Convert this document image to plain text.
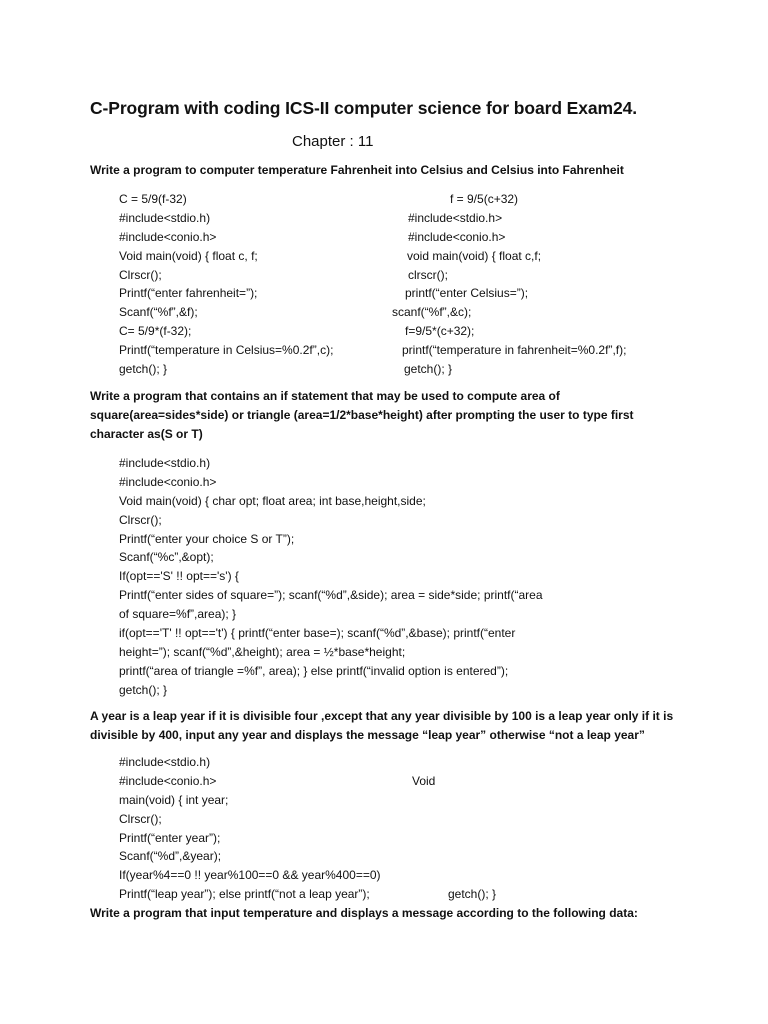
C-Program with coding ICS-II computer science for board Exam24.
Chapter : 11
Write a program to computer temperature Fahrenheit into Celsius and Celsius into Fahrenheit
C = 5/9(f-32)
#include<stdio.h)
#include<conio.h>
Void main(void) { float c, f;
Clrscr();
Printf(“enter fahrenheit=”);
Scanf(“%f”,&f);
C= 5/9*(f-32);
Printf(“temperature in Celsius=%0.2f”,c);
getch(); }
f = 9/5(c+32)
#include<stdio.h>
#include<conio.h>
void main(void) { float c,f;
clrscr();
printf(“enter Celsius=”);
scanf(“%f”,&c);
f=9/5*(c+32);
printf(“temperature in fahrenheit=%0.2f”,f);
getch(); }
Write a program that contains an if statement that may be used to compute area of square(area=sides*side) or triangle (area=1/2*base*height) after prompting the user to type first character as(S or T)
#include<stdio.h)
#include<conio.h>
Void main(void) { char opt; float area; int base,height,side;
Clrscr();
Printf(“enter your choice S or T”);
Scanf(“%c”,&opt);
If(opt=='S' !! opt=='s') {
Printf(“enter sides of square=”); scanf(“%d”,&side); area = side*side; printf(“area
of square=%f”,area); }
if(opt=='T' !! opt=='t') { printf(“enter base=); scanf(“%d”,&base); printf(“enter
height=”); scanf(“%d”,&height); area = ½*base*height;
printf(“area of triangle =%f”, area); } else printf(“invalid option is entered”);
getch(); }
A year is a leap year if it is divisible four ,except that any year divisible by 100 is a leap year only if it is divisible by 400, input any year and displays the message “leap year” otherwise “not a leap year”
#include<stdio.h)
#include<conio.h>	Void
main(void) { int year;
Clrscr();
Printf(“enter year”);
Scanf(“%d”,&year);
If(year%4==0 !! year%100==0 && year%400==0)
Printf(“leap year”); else printf(“not a leap year”);	getch(); }
Write a program that input temperature and displays a message according to the following data:
